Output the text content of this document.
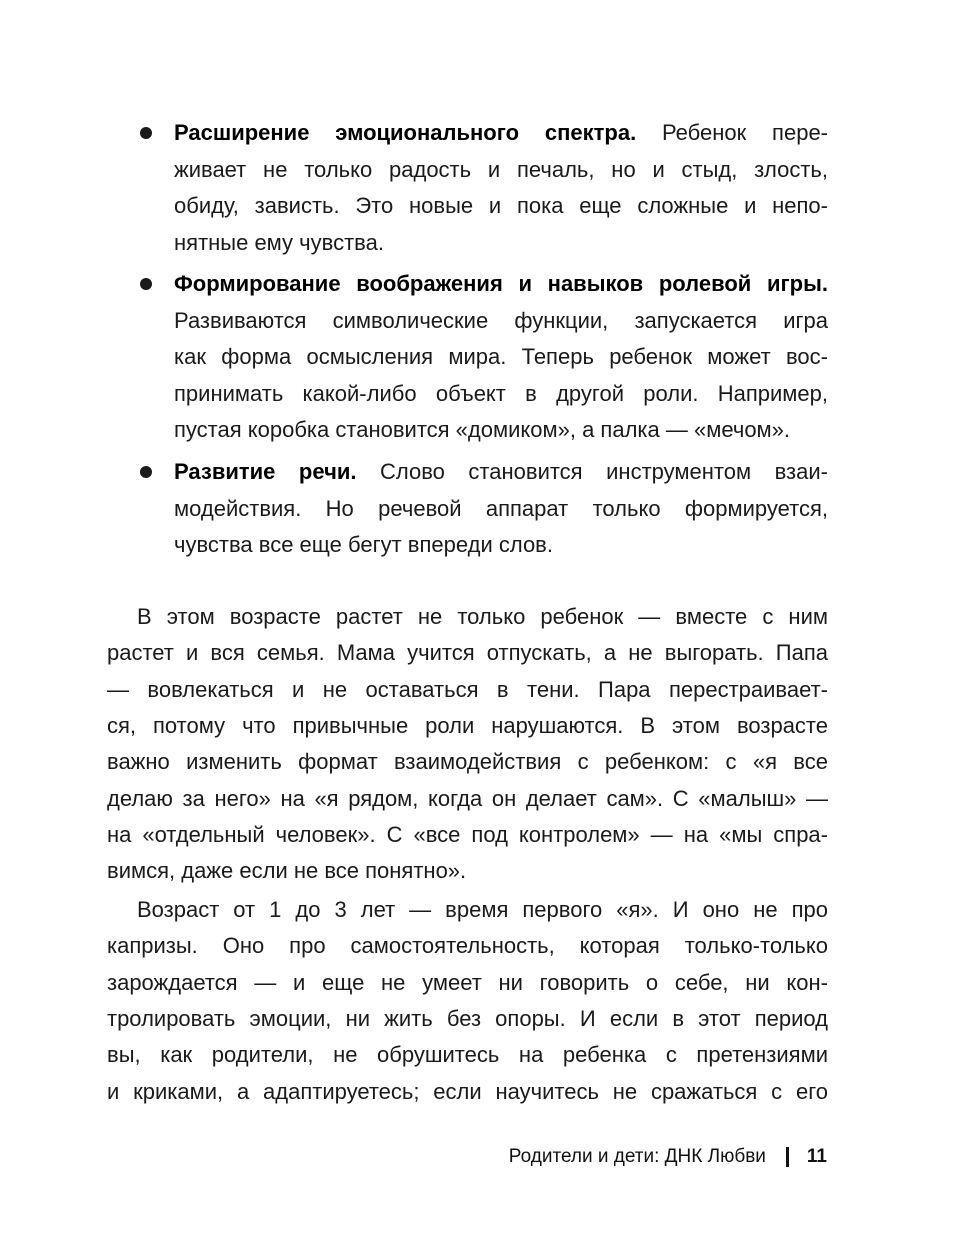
Расширение эмоционального спектра. Ребенок пере-
живает не только радость и печаль, но и стыд, злость,
обиду, зависть. Это новые и пока еще сложные и непо-
нятные ему чувства.
Формирование воображения и навыков ролевой игры.
Развиваются символические функции, запускается игра
как форма осмысления мира. Теперь ребенок может вос-
принимать какой-либо объект в другой роли. Например,
пустая коробка становится «домиком», а палка — «мечом».
Развитие речи. Слово становится инструментом взаи-
модействия. Но речевой аппарат только формируется,
чувства все еще бегут впереди слов.
В этом возрасте растет не только ребенок — вместе с ним
растет и вся семья. Мама учится отпускать, а не выгорать. Папа
— вовлекаться и не оставаться в тени. Пара перестраивает-
ся, потому что привычные роли нарушаются. В этом возрасте
важно изменить формат взаимодействия с ребенком: с «я все
делаю за него» на «я рядом, когда он делает сам». С «малыш» —
на «отдельный человек». С «все под контролем» — на «мы спра-
вимся, даже если не все понятно».
Возраст от 1 до 3 лет — время первого «я». И оно не про
капризы. Оно про самостоятельность, которая только-только
зарождается — и еще не умеет ни говорить о себе, ни кон-
тролировать эмоции, ни жить без опоры. И если в этот период
вы, как родители, не обрушитесь на ребенка с претензиями
и криками, а адаптируетесь; если научитесь не сражаться с его
Родители и дети: ДНК Любви 11
